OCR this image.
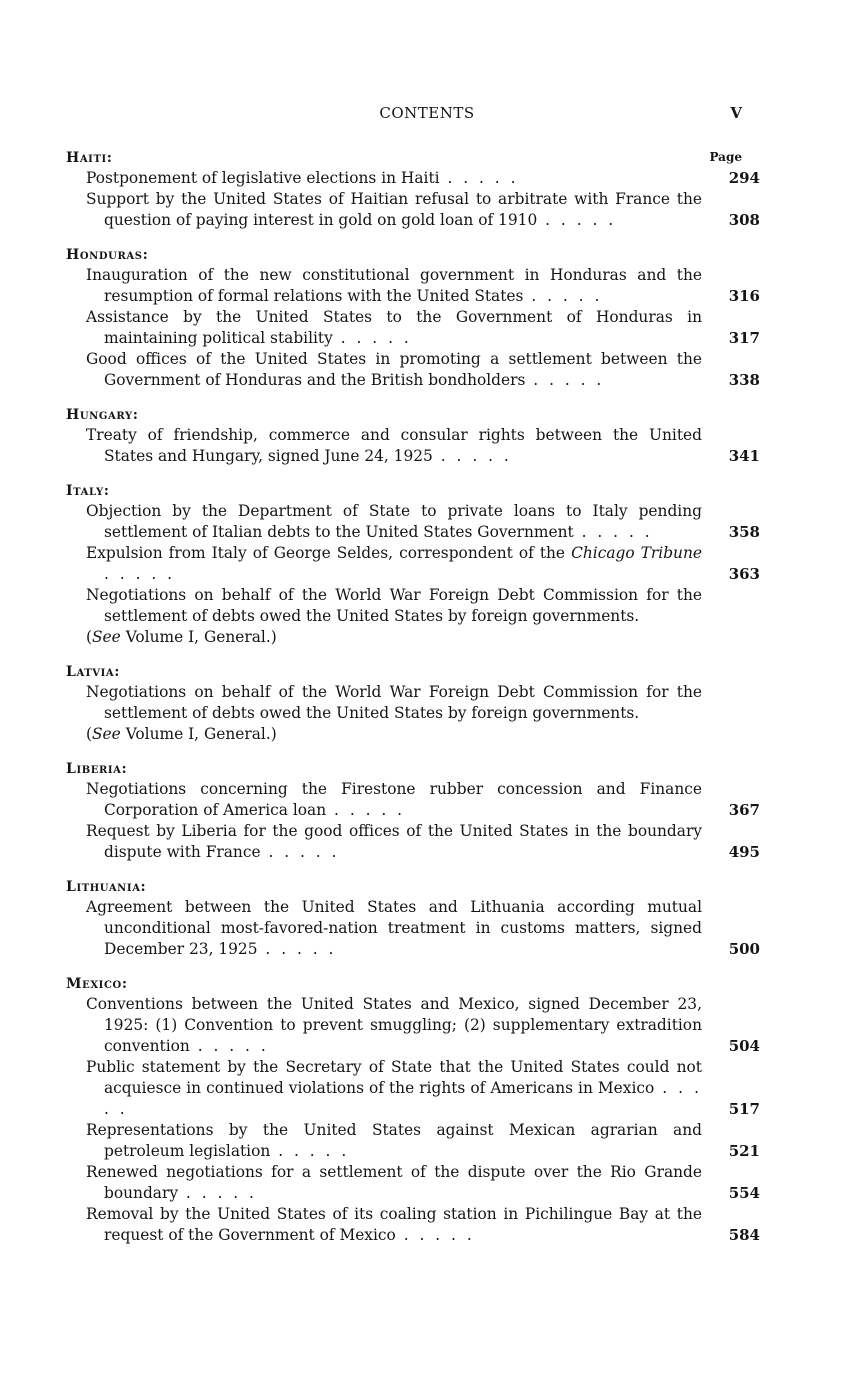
CONTENTS	V
Page
Haiti:
Postponement of legislative elections in Haiti . . . . .	294
Support by the United States of Haitian refusal to arbitrate with France the question of paying interest in gold on gold loan of 1910 . . . . .	308
Honduras:
Inauguration of the new constitutional government in Honduras and the resumption of formal relations with the United States . . . . .	316
Assistance by the United States to the Government of Honduras in maintaining political stability . . . . .	317
Good offices of the United States in promoting a settlement between the Government of Honduras and the British bondholders . . . . .	338
Hungary:
Treaty of friendship, commerce and consular rights between the United States and Hungary, signed June 24, 1925 . . . . .	341
Italy:
Objection by the Department of State to private loans to Italy pending settlement of Italian debts to the United States Government . . . . .	358
Expulsion from Italy of George Seldes, correspondent of the Chicago Tribune . . . . .	363
Negotiations on behalf of the World War Foreign Debt Commission for the settlement of debts owed the United States by foreign governments.
(See Volume I, General.)
Latvia:
Negotiations on behalf of the World War Foreign Debt Commission for the settlement of debts owed the United States by foreign governments.
(See Volume I, General.)
Liberia:
Negotiations concerning the Firestone rubber concession and Finance Corporation of America loan . . . . .	367
Request by Liberia for the good offices of the United States in the boundary dispute with France . . . . .	495
Lithuania:
Agreement between the United States and Lithuania according mutual unconditional most-favored-nation treatment in customs matters, signed December 23, 1925 . . . . .	500
Mexico:
Conventions between the United States and Mexico, signed December 23, 1925: (1) Convention to prevent smuggling; (2) supplementary extradition convention . . . . .	504
Public statement by the Secretary of State that the United States could not acquiesce in continued violations of the rights of Americans in Mexico . . . . .	517
Representations by the United States against Mexican agrarian and petroleum legislation . . . . .	521
Renewed negotiations for a settlement of the dispute over the Rio Grande boundary . . . . .	554
Removal by the United States of its coaling station in Pichilingue Bay at the request of the Government of Mexico . . . . .	584
